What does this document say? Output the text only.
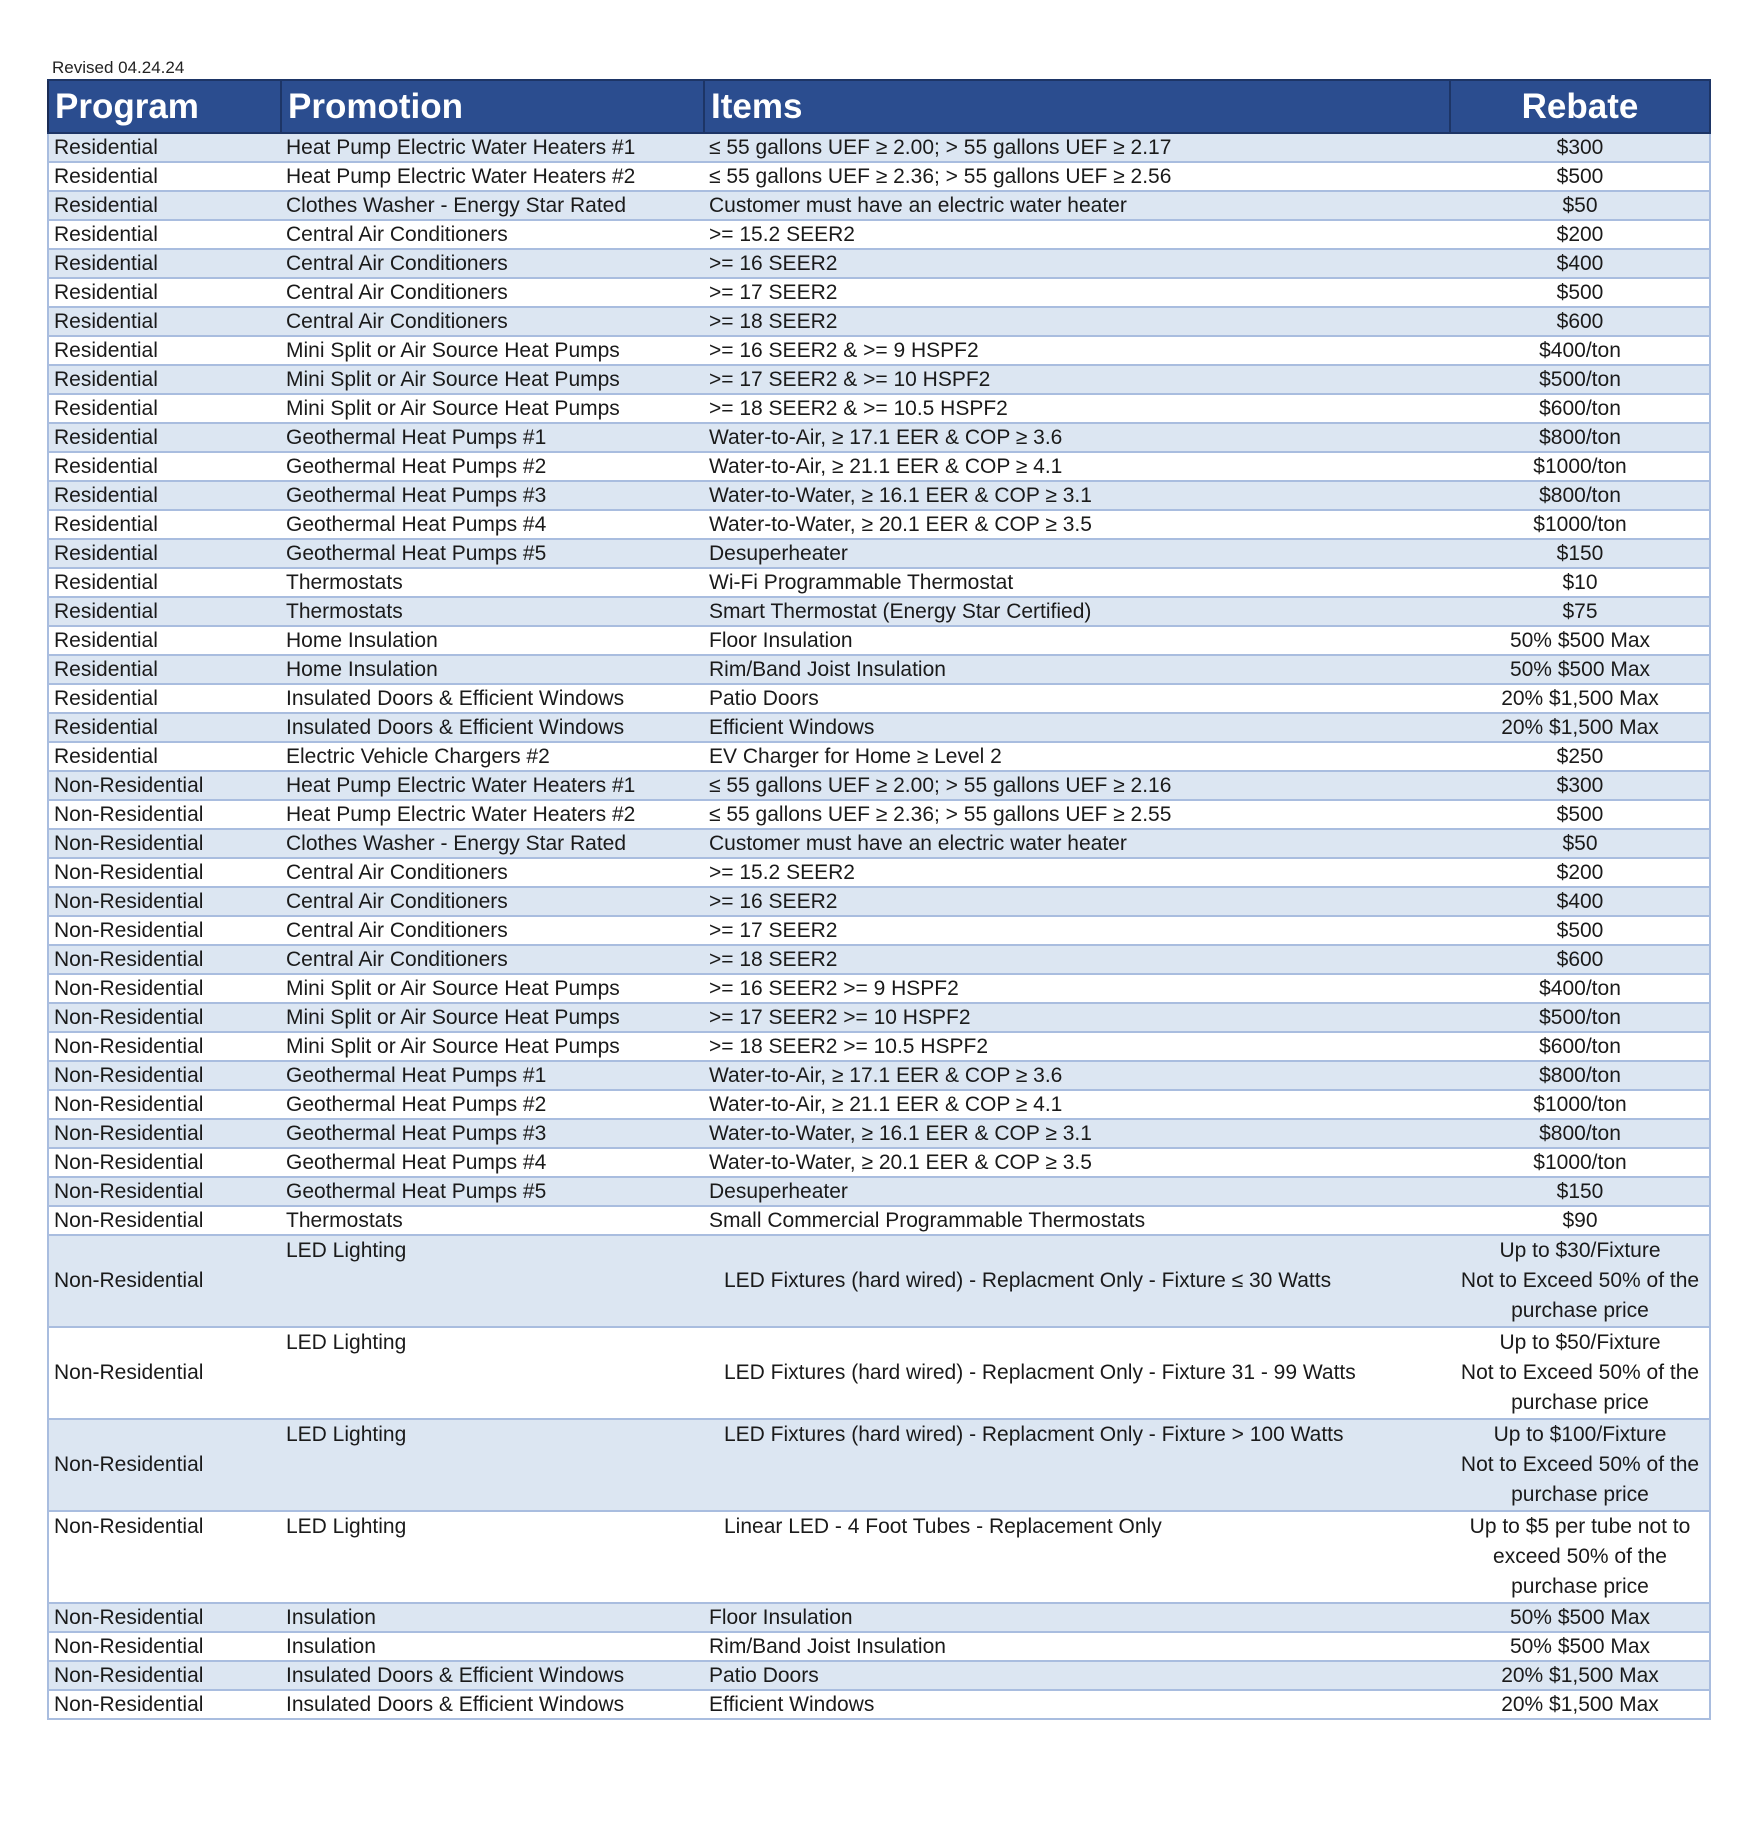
Revised 04.24.24
Program	Promotion	Items	Rebate
Residential	Heat Pump Electric Water Heaters #1	≤ 55 gallons UEF ≥ 2.00; > 55 gallons UEF ≥ 2.17	$300
Residential	Heat Pump Electric Water Heaters #2	≤ 55 gallons UEF ≥ 2.36; > 55 gallons UEF ≥ 2.56	$500
Residential	Clothes Washer - Energy Star Rated	Customer must have an electric water heater	$50
Residential	Central Air Conditioners	>= 15.2 SEER2	$200
Residential	Central Air Conditioners	>= 16 SEER2	$400
Residential	Central Air Conditioners	>= 17 SEER2	$500
Residential	Central Air Conditioners	>= 18 SEER2	$600
Residential	Mini Split or Air Source Heat Pumps	>= 16 SEER2 & >= 9 HSPF2	$400/ton
Residential	Mini Split or Air Source Heat Pumps	>= 17 SEER2 & >= 10 HSPF2	$500/ton
Residential	Mini Split or Air Source Heat Pumps	>= 18 SEER2 & >= 10.5 HSPF2	$600/ton
Residential	Geothermal Heat Pumps #1	Water-to-Air, ≥ 17.1 EER & COP ≥ 3.6	$800/ton
Residential	Geothermal Heat Pumps #2	Water-to-Air, ≥ 21.1 EER & COP ≥ 4.1	$1000/ton
Residential	Geothermal Heat Pumps #3	Water-to-Water, ≥ 16.1 EER & COP ≥ 3.1	$800/ton
Residential	Geothermal Heat Pumps #4	Water-to-Water, ≥ 20.1 EER & COP ≥ 3.5	$1000/ton
Residential	Geothermal Heat Pumps #5	Desuperheater	$150
Residential	Thermostats	Wi-Fi Programmable Thermostat	$10
Residential	Thermostats	Smart Thermostat (Energy Star Certified)	$75
Residential	Home Insulation	Floor Insulation	50% $500 Max
Residential	Home Insulation	Rim/Band Joist Insulation	50% $500 Max
Residential	Insulated Doors & Efficient Windows	Patio Doors	20% $1,500 Max
Residential	Insulated Doors & Efficient Windows	Efficient Windows	20% $1,500 Max
Residential	Electric Vehicle Chargers #2	EV Charger for Home ≥ Level 2	$250
Non-Residential	Heat Pump Electric Water Heaters #1	≤ 55 gallons UEF ≥ 2.00; > 55 gallons UEF ≥ 2.16	$300
Non-Residential	Heat Pump Electric Water Heaters #2	≤ 55 gallons UEF ≥ 2.36; > 55 gallons UEF ≥ 2.55	$500
Non-Residential	Clothes Washer - Energy Star Rated	Customer must have an electric water heater	$50
Non-Residential	Central Air Conditioners	>= 15.2 SEER2	$200
Non-Residential	Central Air Conditioners	>= 16 SEER2	$400
Non-Residential	Central Air Conditioners	>= 17 SEER2	$500
Non-Residential	Central Air Conditioners	>= 18 SEER2	$600
Non-Residential	Mini Split or Air Source Heat Pumps	>= 16 SEER2 >= 9 HSPF2	$400/ton
Non-Residential	Mini Split or Air Source Heat Pumps	>= 17 SEER2 >= 10 HSPF2	$500/ton
Non-Residential	Mini Split or Air Source Heat Pumps	>= 18 SEER2 >= 10.5 HSPF2	$600/ton
Non-Residential	Geothermal Heat Pumps #1	Water-to-Air, ≥ 17.1 EER & COP ≥ 3.6	$800/ton
Non-Residential	Geothermal Heat Pumps #2	Water-to-Air, ≥ 21.1 EER & COP ≥ 4.1	$1000/ton
Non-Residential	Geothermal Heat Pumps #3	Water-to-Water, ≥ 16.1 EER & COP ≥ 3.1	$800/ton
Non-Residential	Geothermal Heat Pumps #4	Water-to-Water, ≥ 20.1 EER & COP ≥ 3.5	$1000/ton
Non-Residential	Geothermal Heat Pumps #5	Desuperheater	$150
Non-Residential	Thermostats	Small Commercial Programmable Thermostats	$90
Non-Residential	LED Lighting	LED Fixtures (hard wired) - Replacment Only - Fixture ≤ 30 Watts	Up to $30/Fixture
Not to Exceed 50% of the
purchase price

Non-Residential	LED Lighting	LED Fixtures (hard wired) - Replacment Only - Fixture 31 - 99 Watts	Up to $50/Fixture
Not to Exceed 50% of the
purchase price

Non-Residential	LED Lighting	LED Fixtures (hard wired) - Replacment Only - Fixture > 100 Watts	Up to $100/Fixture
Not to Exceed 50% of the
purchase price

Non-Residential	LED Lighting	Linear LED - 4 Foot Tubes - Replacement Only	Up to $5 per tube not to
exceed 50% of the
purchase price

Non-Residential	Insulation	Floor Insulation	50% $500 Max
Non-Residential	Insulation	Rim/Band Joist Insulation	50% $500 Max
Non-Residential	Insulated Doors & Efficient Windows	Patio Doors	20% $1,500 Max
Non-Residential	Insulated Doors & Efficient Windows	Efficient Windows	20% $1,500 Max
